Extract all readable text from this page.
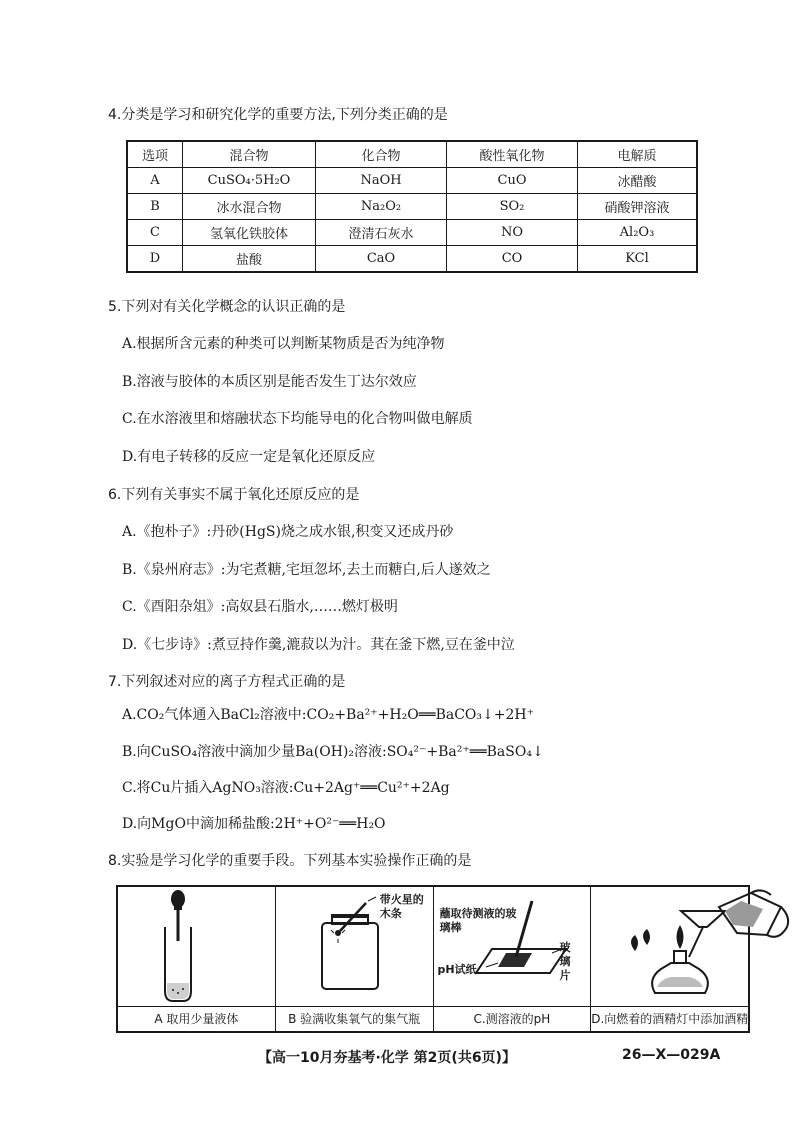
4.分类是学习和研究化学的重要方法,下列分类正确的是
选项	混合物	化合物	酸性氧化物	电解质
A	CuSO₄·5H₂O	NaOH	CuO	冰醋酸
B	冰水混合物	Na₂O₂	SO₂	硝酸钾溶液
C	氢氧化铁胶体	澄清石灰水	NO	Al₂O₃
D	盐酸	CaO	CO	KCl
5.下列对有关化学概念的认识正确的是
A.根据所含元素的种类可以判断某物质是否为纯净物
B.溶液与胶体的本质区别是能否发生丁达尔效应
C.在水溶液里和熔融状态下均能导电的化合物叫做电解质
D.有电子转移的反应一定是氧化还原反应
6.下列有关事实不属于氧化还原反应的是
A.《抱朴子》:丹砂(HgS)烧之成水银,积变又还成丹砂
B.《泉州府志》:为宅煮糖,宅垣忽坏,去土而糖白,后人遂效之
C.《酉阳杂俎》:高奴县石脂水,……燃灯极明
D.《七步诗》:煮豆持作羹,漉菽以为汁。萁在釜下燃,豆在釜中泣
7.下列叙述对应的离子方程式正确的是
A.CO₂气体通入BaCl₂溶液中:CO₂+Ba²⁺+H₂O══BaCO₃↓+2H⁺
B.向CuSO₄溶液中滴加少量Ba(OH)₂溶液:SO₄²⁻+Ba²⁺══BaSO₄↓
C.将Cu片插入AgNO₃溶液:Cu+2Ag⁺══Cu²⁺+2Ag
D.向MgO中滴加稀盐酸:2H⁺+O²⁻══H₂O
8.实验是学习化学的重要手段。下列基本实验操作正确的是
A 取用少量液体
带火星的木条
B 验满收集氧气的集气瓶
蘸取待测液的玻璃棒
pH试纸
玻璃片
C.测溶液的pH	D.向燃着的酒精灯中添加酒精
【高一10月夯基考·化学 第2页(共6页)】	26—X—029A
